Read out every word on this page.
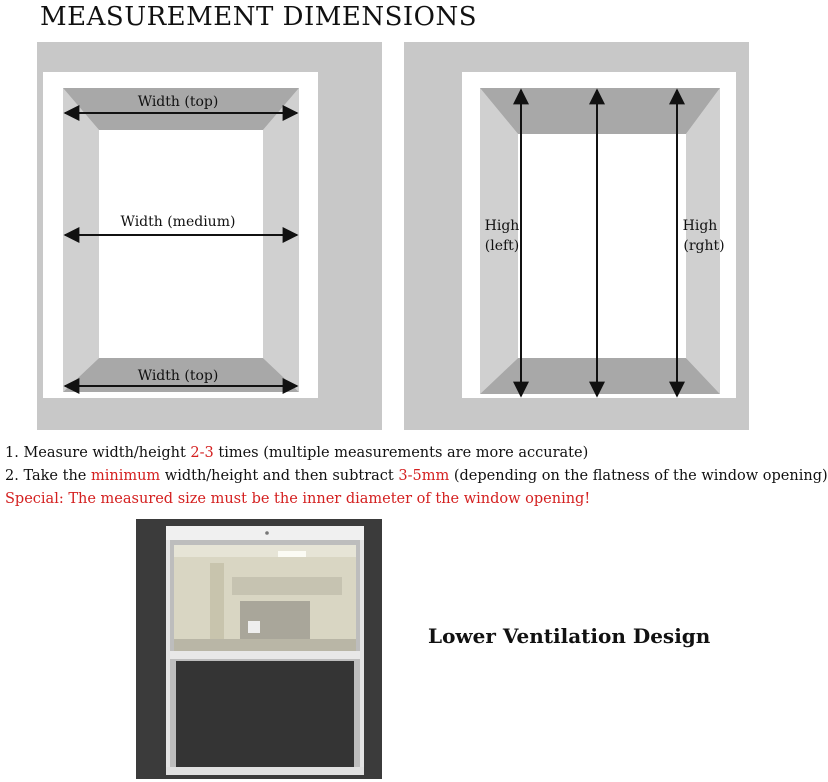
MEASUREMENT DIMENSIONS
Width (top)
Width (medium)
Width (top)
High
(left)
High
(rght)
1. Measure width/height 2-3 times (multiple measurements are more accurate)
2. Take the minimum width/height and then subtract 3-5mm (depending on the flatness of the window opening)
Special: The measured size must be the inner diameter of the window opening!
Lower Ventilation Design
